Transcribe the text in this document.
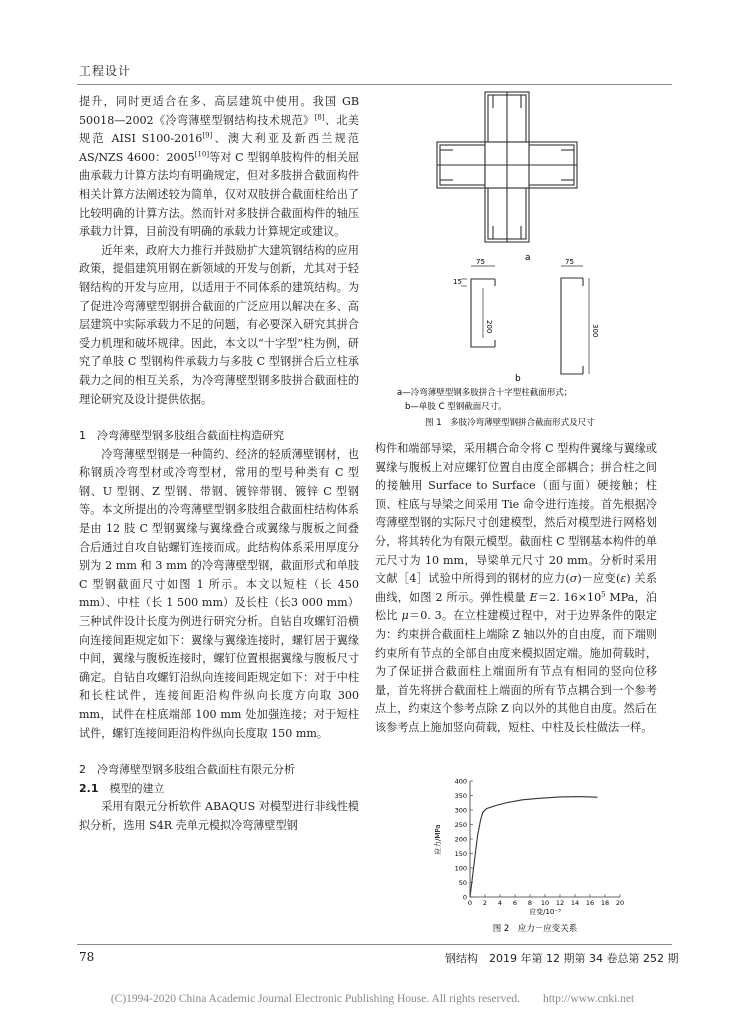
工程设计

提升，同时更适合在多、高层建筑中使用。我国 GB 50018—2002《冷弯薄壁型钢结构技术规范》[8]、北美规范 AISI S100-2016[9]、澳大利亚及新西兰规范 AS/NZS 4600：2005[10]等对 C 型钢单肢构件的相关屈曲承载力计算方法均有明确规定，但对多肢拼合截面构件相关计算方法阐述较为简单，仅对双肢拼合截面柱给出了比较明确的计算方法。然而针对多肢拼合截面构件的轴压承载力计算，目前没有明确的承载力计算规定或建议。

近年来，政府大力推行并鼓励扩大建筑钢结构的应用政策，提倡建筑用钢在新领域的开发与创新，尤其对于轻钢结构的开发与应用，以适用于不同体系的建筑结构。为了促进冷弯薄壁型钢拼合截面的广泛应用以解决在多、高层建筑中实际承载力不足的问题，有必要深入研究其拼合受力机理和破坏规律。因此，本文以“十字型”柱为例，研究了单肢 C 型钢构件承载力与多肢 C 型钢拼合后立柱承载力之间的相互关系，为冷弯薄壁型钢多肢拼合截面柱的理论研究及设计提供依据。

1　冷弯薄壁型钢多肢组合截面柱构造研究

冷弯薄壁型钢是一种简约、经济的轻质薄壁钢材，也称钢质冷弯型材或冷弯型材，常用的型号种类有 C 型钢、U 型钢、Z 型钢、带钢、镀锌带钢、镀锌 C 型钢等。本文所提出的冷弯薄壁型钢多肢组合截面柱结构体系是由 12 肢 C 型钢翼缘与翼缘叠合或翼缘与腹板之间叠合后通过自攻自钻螺钉连接而成。此结构体系采用厚度分别为 2 mm 和 3 mm 的冷弯薄壁型钢，截面形式和单肢 C 型钢截面尺寸如图 1 所示。本文以短柱（长 450 mm）、中柱（长 1 500 mm）及长柱（长3 000 mm）三种试件设计长度为例进行研究分析。自钻自攻螺钉沿横向连接间距规定如下：翼缘与翼缘连接时，螺钉居于翼缘中间，翼缘与腹板连接时，螺钉位置根据翼缘与腹板尺寸确定。自钻自攻螺钉沿纵向连接间距规定如下：对于中柱和长柱试件，连接间距沿构件纵向长度方向取 300 mm，试件在柱底端部 100 mm 处加强连接；对于短柱试件，螺钉连接间距沿构件纵向长度取 150 mm。

2　冷弯薄壁型钢多肢组合截面柱有限元分析
2.1　 模型的建立

采用有限元分析软件 ABAQUS 对模型进行非线性模拟分析，选用 S4R 壳单元模拟冷弯薄壁型钢

a
75
15
200
75
300
b
a—冷弯薄壁型钢多肢拼合十字型柱截面形式；
b—单肢 C 型钢截面尺寸。
图 1　多肢冷弯薄壁型钢拼合截面形式及尺寸

构件和端部导梁，采用耦合命令将 C 型构件翼缘与翼缘或翼缘与腹板上对应螺钉位置自由度全部耦合；拼合柱之间的接触用 Surface to Surface（面与面）硬接触；柱顶、柱底与导梁之间采用 Tie 命令进行连接。首先根据冷弯薄壁型钢的实际尺寸创建模型，然后对模型进行网格划分，将其转化为有限元模型。截面柱 C 型钢基本构件的单元尺寸为 10 mm，导梁单元尺寸 20 mm。分析时采用文献［4］试验中所得到的钢材的应力(σ)－应变(ε) 关系曲线，如图 2 所示。弹性模量 E＝2. $16\times 10^5$ MPa，泊松比 μ＝0. 3。在立柱建模过程中，对于边界条件的限定为：约束拼合截面柱上端除 Z 轴以外的自由度，而下端则约束所有节点的全部自由度来模拟固定端。施加荷载时，为了保证拼合截面柱上端面所有节点有相同的竖向位移量，首先将拼合截面柱上端面的所有节点耦合到一个参考点上，约束这个参考点除 Z 向以外的其他自由度。然后在该参考点上施加竖向荷载，短柱、中柱及长柱做法一样。

0
50
100
150
200
250
300
350
400
0 2 4 6 8 10 12 14 16 18 20
应力/MPa
应变/10⁻³
图 2　应力－应变关系
78	钢结构　2019 年第 12 期第 34 卷总第 252 期
(C)1994-2020 China Academic Journal Electronic Publishing House. All rights reserved.　　http://www.cnki.net
